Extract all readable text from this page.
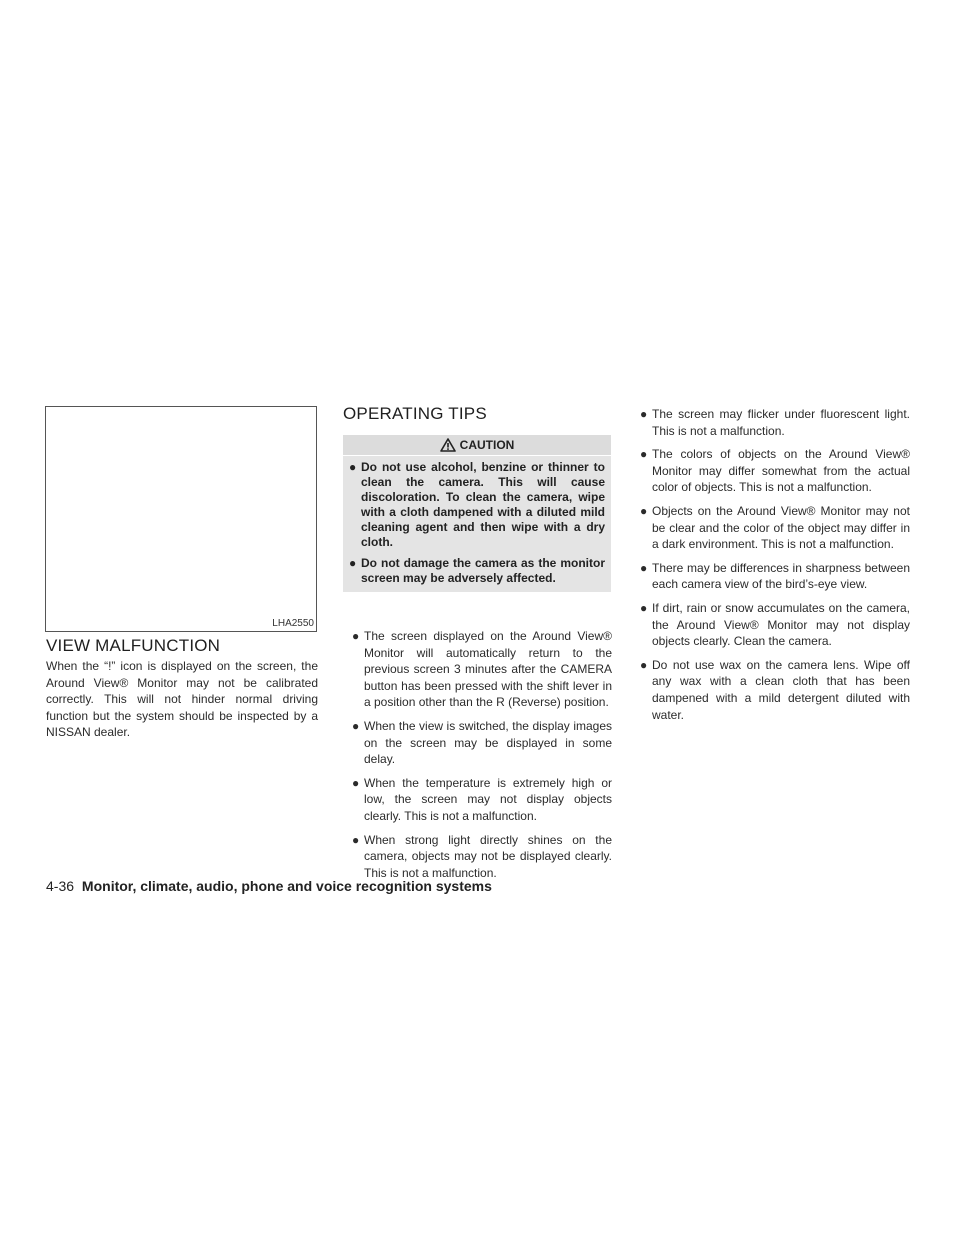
LHA2550
VIEW MALFUNCTION
When the “!” icon is displayed on the screen, the Around View® Monitor may not be calibrated correctly. This will not hinder normal driving function but the system should be inspected by a NISSAN dealer.
OPERATING TIPS
CAUTION
● Do not use alcohol, benzine or thinner to clean the camera. This will cause discoloration. To clean the camera, wipe with a cloth dampened with a diluted mild cleaning agent and then wipe with a dry cloth.
● Do not damage the camera as the monitor screen may be adversely affected.
● The screen displayed on the Around View® Monitor will automatically return to the previous screen 3 minutes after the CAMERA button has been pressed with the shift lever in a position other than the R (Reverse) position.
● When the view is switched, the display images on the screen may be displayed in some delay.
● When the temperature is extremely high or low, the screen may not display objects clearly. This is not a malfunction.
● When strong light directly shines on the camera, objects may not be displayed clearly. This is not a malfunction.
● The screen may flicker under fluorescent light. This is not a malfunction.
● The colors of objects on the Around View® Monitor may differ somewhat from the actual color of objects. This is not a malfunction.
● Objects on the Around View® Monitor may not be clear and the color of the object may differ in a dark environment. This is not a malfunction.
● There may be differences in sharpness between each camera view of the bird’s-eye view.
● If dirt, rain or snow accumulates on the camera, the Around View® Monitor may not display objects clearly. Clean the camera.
● Do not use wax on the camera lens. Wipe off any wax with a clean cloth that has been dampened with a mild detergent diluted with water.
4-36 Monitor, climate, audio, phone and voice recognition systems
